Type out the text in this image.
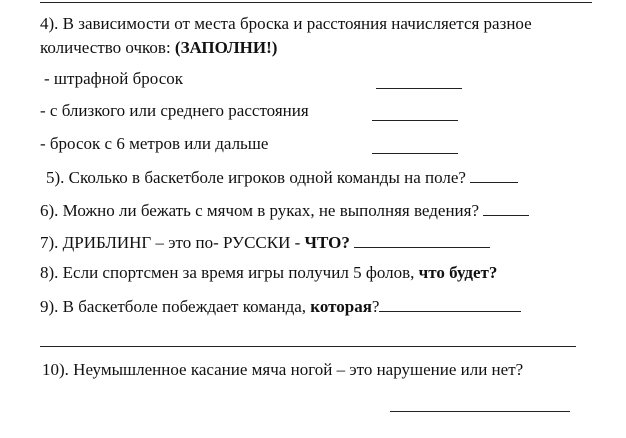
4). В зависимости от места броска и расстояния начисляется разное
количество очков: (ЗАПОЛНИ!)
- штрафной бросок
- с близкого или среднего расстояния
- бросок с 6 метров или дальше
5). Сколько в баскетболе игроков одной команды на поле?
6). Можно ли бежать с мячом в руках, не выполняя ведения?
7). ДРИБЛИНГ – это по- РУССКИ - ЧТО?
8). Если спортсмен за время игры получил 5 фолов, что будет?
9). В баскетболе побеждает команда, которая?
10). Неумышленное касание мяча ногой – это нарушение или нет?
